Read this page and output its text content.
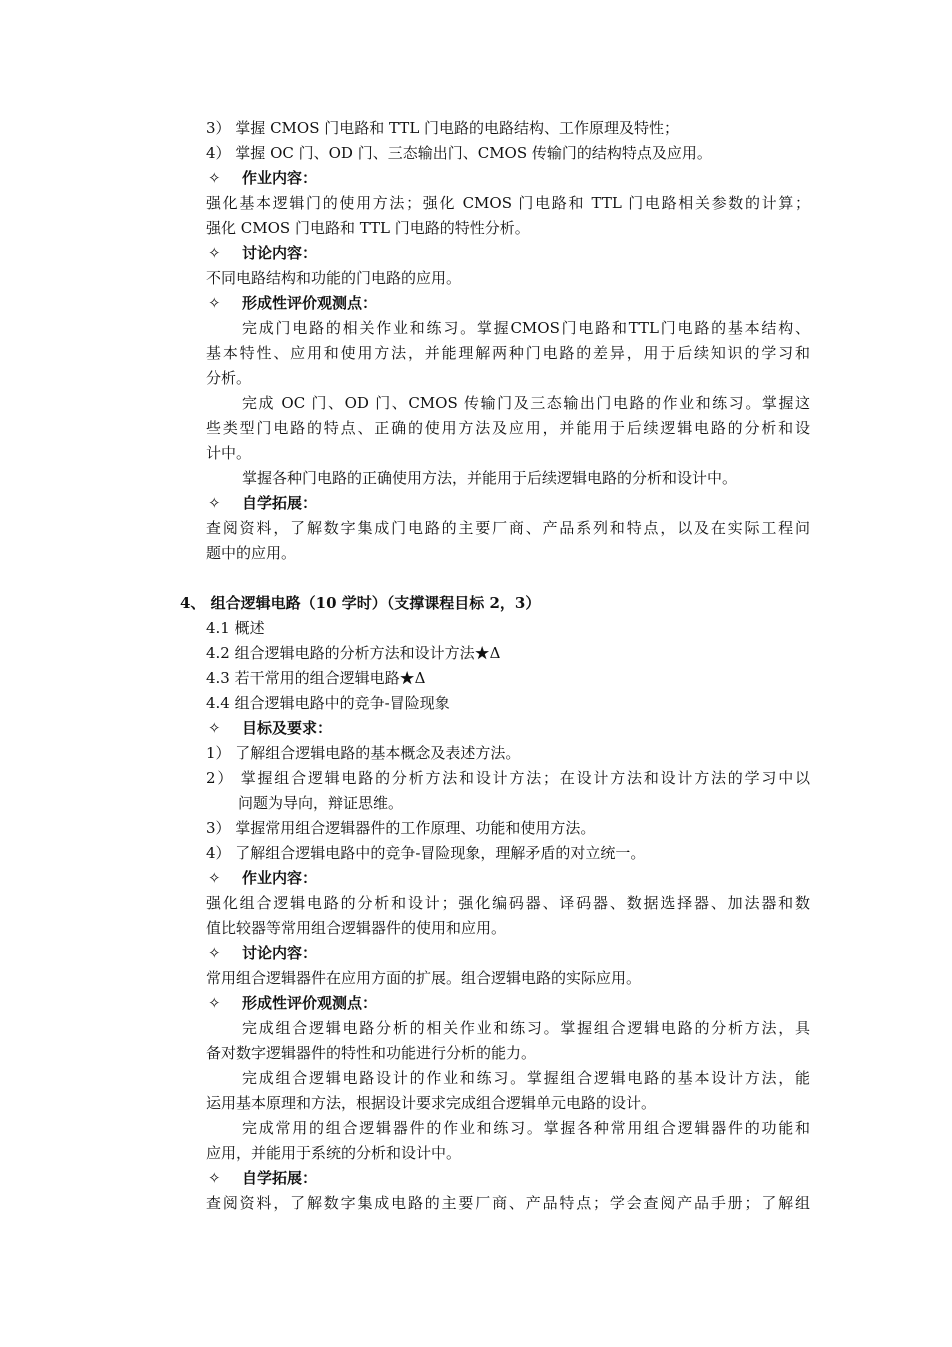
3） 掌握 CMOS 门电路和 TTL 门电路的电路结构、工作原理及特性；
4） 掌握 OC 门、OD 门、三态输出门、CMOS 传输门的结构特点及应用。
✧ 作业内容：
强化基本逻辑门的使用方法；强化 CMOS 门电路和 TTL 门电路相关参数的计算；
强化 CMOS 门电路和 TTL 门电路的特性分析。
✧ 讨论内容：
不同电路结构和功能的门电路的应用。
✧ 形成性评价观测点：
完成门电路的相关作业和练习。掌握CMOS门电路和TTL门电路的基本结构、
基本特性、应用和使用方法，并能理解两种门电路的差异，用于后续知识的学习和
分析。
完成 OC 门、OD 门、CMOS 传输门及三态输出门电路的作业和练习。掌握这
些类型门电路的特点、正确的使用方法及应用，并能用于后续逻辑电路的分析和设
计中。
掌握各种门电路的正确使用方法，并能用于后续逻辑电路的分析和设计中。
✧ 自学拓展：
查阅资料，了解数字集成门电路的主要厂商、产品系列和特点，以及在实际工程问
题中的应用。
4、 组合逻辑电路（10 学时）（支撑课程目标 2，3）
4.1 概述
4.2 组合逻辑电路的分析方法和设计方法★Δ
4.3 若干常用的组合逻辑电路★Δ
4.4 组合逻辑电路中的竞争-冒险现象
✧ 目标及要求：
1） 了解组合逻辑电路的基本概念及表述方法。
2） 掌握组合逻辑电路的分析方法和设计方法；在设计方法和设计方法的学习中以
问题为导向，辩证思维。
3） 掌握常用组合逻辑器件的工作原理、功能和使用方法。
4） 了解组合逻辑电路中的竞争-冒险现象，理解矛盾的对立统一。
✧ 作业内容：
强化组合逻辑电路的分析和设计；强化编码器、译码器、数据选择器、加法器和数
值比较器等常用组合逻辑器件的使用和应用。
✧ 讨论内容：
常用组合逻辑器件在应用方面的扩展。组合逻辑电路的实际应用。
✧ 形成性评价观测点：
完成组合逻辑电路分析的相关作业和练习。掌握组合逻辑电路的分析方法，具
备对数字逻辑器件的特性和功能进行分析的能力。
完成组合逻辑电路设计的作业和练习。掌握组合逻辑电路的基本设计方法，能
运用基本原理和方法，根据设计要求完成组合逻辑单元电路的设计。
完成常用的组合逻辑器件的作业和练习。掌握各种常用组合逻辑器件的功能和
应用，并能用于系统的分析和设计中。
✧ 自学拓展：
查阅资料，了解数字集成电路的主要厂商、产品特点；学会查阅产品手册；了解组
